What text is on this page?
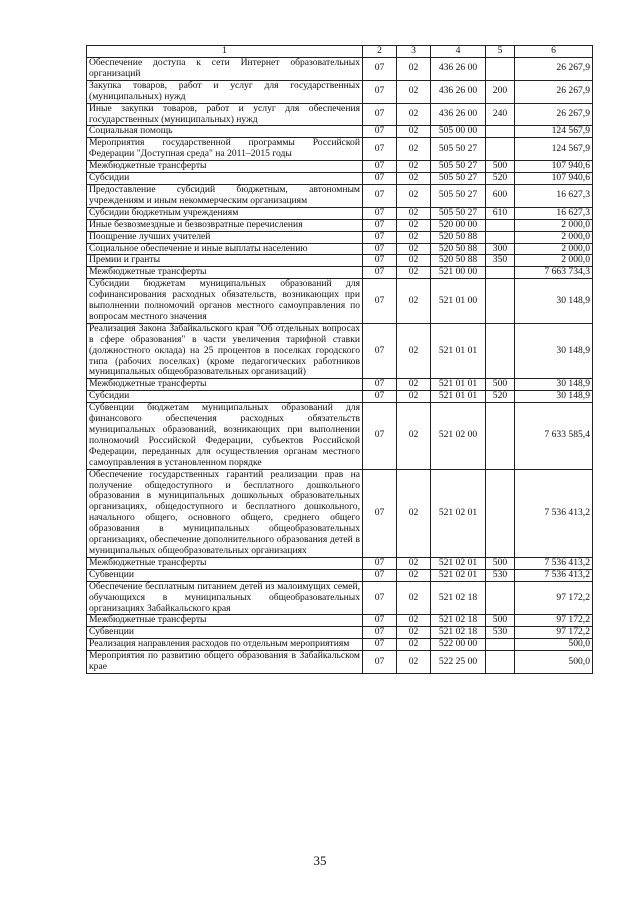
1	2	3	4	5	6
Обеспечение доступа к сети Интернет образовательных организаций	07	02	436 26 00		26 267,9
Закупка товаров, работ и услуг для государственных (муниципальных) нужд	07	02	436 26 00	200	26 267,9
Иные закупки товаров, работ и услуг для обеспечения государственных (муниципальных) нужд	07	02	436 26 00	240	26 267,9
Социальная помощь	07	02	505 00 00		124 567,9
Мероприятия государственной программы Российской Федерации "Доступная среда" на 2011–2015 годы	07	02	505 50 27		124 567,9
Межбюджетные трансферты	07	02	505 50 27	500	107 940,6
Субсидии	07	02	505 50 27	520	107 940,6
Предоставление субсидий бюджетным, автономным учреждениям и иным некоммерческим организациям	07	02	505 50 27	600	16 627,3
Субсидии бюджетным учреждениям	07	02	505 50 27	610	16 627,3
Иные безвозмездные и безвозвратные перечисления	07	02	520 00 00		2 000,0
Поощрение лучших учителей	07	02	520 50 88		2 000,0
Социальное обеспечение и иные выплаты населению	07	02	520 50 88	300	2 000,0
Премии и гранты	07	02	520 50 88	350	2 000,0
Межбюджетные трансферты	07	02	521 00 00		7 663 734,3
Субсидии бюджетам муниципальных образований для софинансирования расходных обязательств, возникающих при выполнении полномочий органов местного самоуправления по вопросам местного значения	07	02	521 01 00		30 148,9
Реализация Закона Забайкальского края "Об отдельных вопросах в сфере образования" в части увеличения тарифной ставки (должностного оклада) на 25 процентов в поселках городского типа (рабочих поселках) (кроме педагогических работников муниципальных общеобразовательных организаций)	07	02	521 01 01		30 148,9
Межбюджетные трансферты	07	02	521 01 01	500	30 148,9
Субсидии	07	02	521 01 01	520	30 148,9
Субвенции бюджетам муниципальных образований для финансового обеспечения расходных обязательств муниципальных образований, возникающих при выполнении полномочий Российской Федерации, субъектов Российской Федерации, переданных для осуществления органам местного самоуправления в установленном порядке	07	02	521 02 00		7 633 585,4
Обеспечение государственных гарантий реализации прав на получение общедоступного и бесплатного дошкольного образования в муниципальных дошкольных образовательных организациях, общедоступного и бесплатного дошкольного, начального общего, основного общего, среднего общего образования в муниципальных общеобразовательных организациях, обеспечение дополнительного образования детей в муниципальных общеобразовательных организациях	07	02	521 02 01		7 536 413,2
Межбюджетные трансферты	07	02	521 02 01	500	7 536 413,2
Субвенции	07	02	521 02 01	530	7 536 413,2
Обеспечение бесплатным питанием детей из малоимущих семей, обучающихся в муниципальных общеобразовательных организациях Забайкальского края	07	02	521 02 18		97 172,2
Межбюджетные трансферты	07	02	521 02 18	500	97 172,2
Субвенции	07	02	521 02 18	530	97 172,2
Реализация направления расходов по отдельным мероприятиям	07	02	522 00 00		500,0
Мероприятия по развитию общего образования в Забайкальском крае	07	02	522 25 00		500,0
35
